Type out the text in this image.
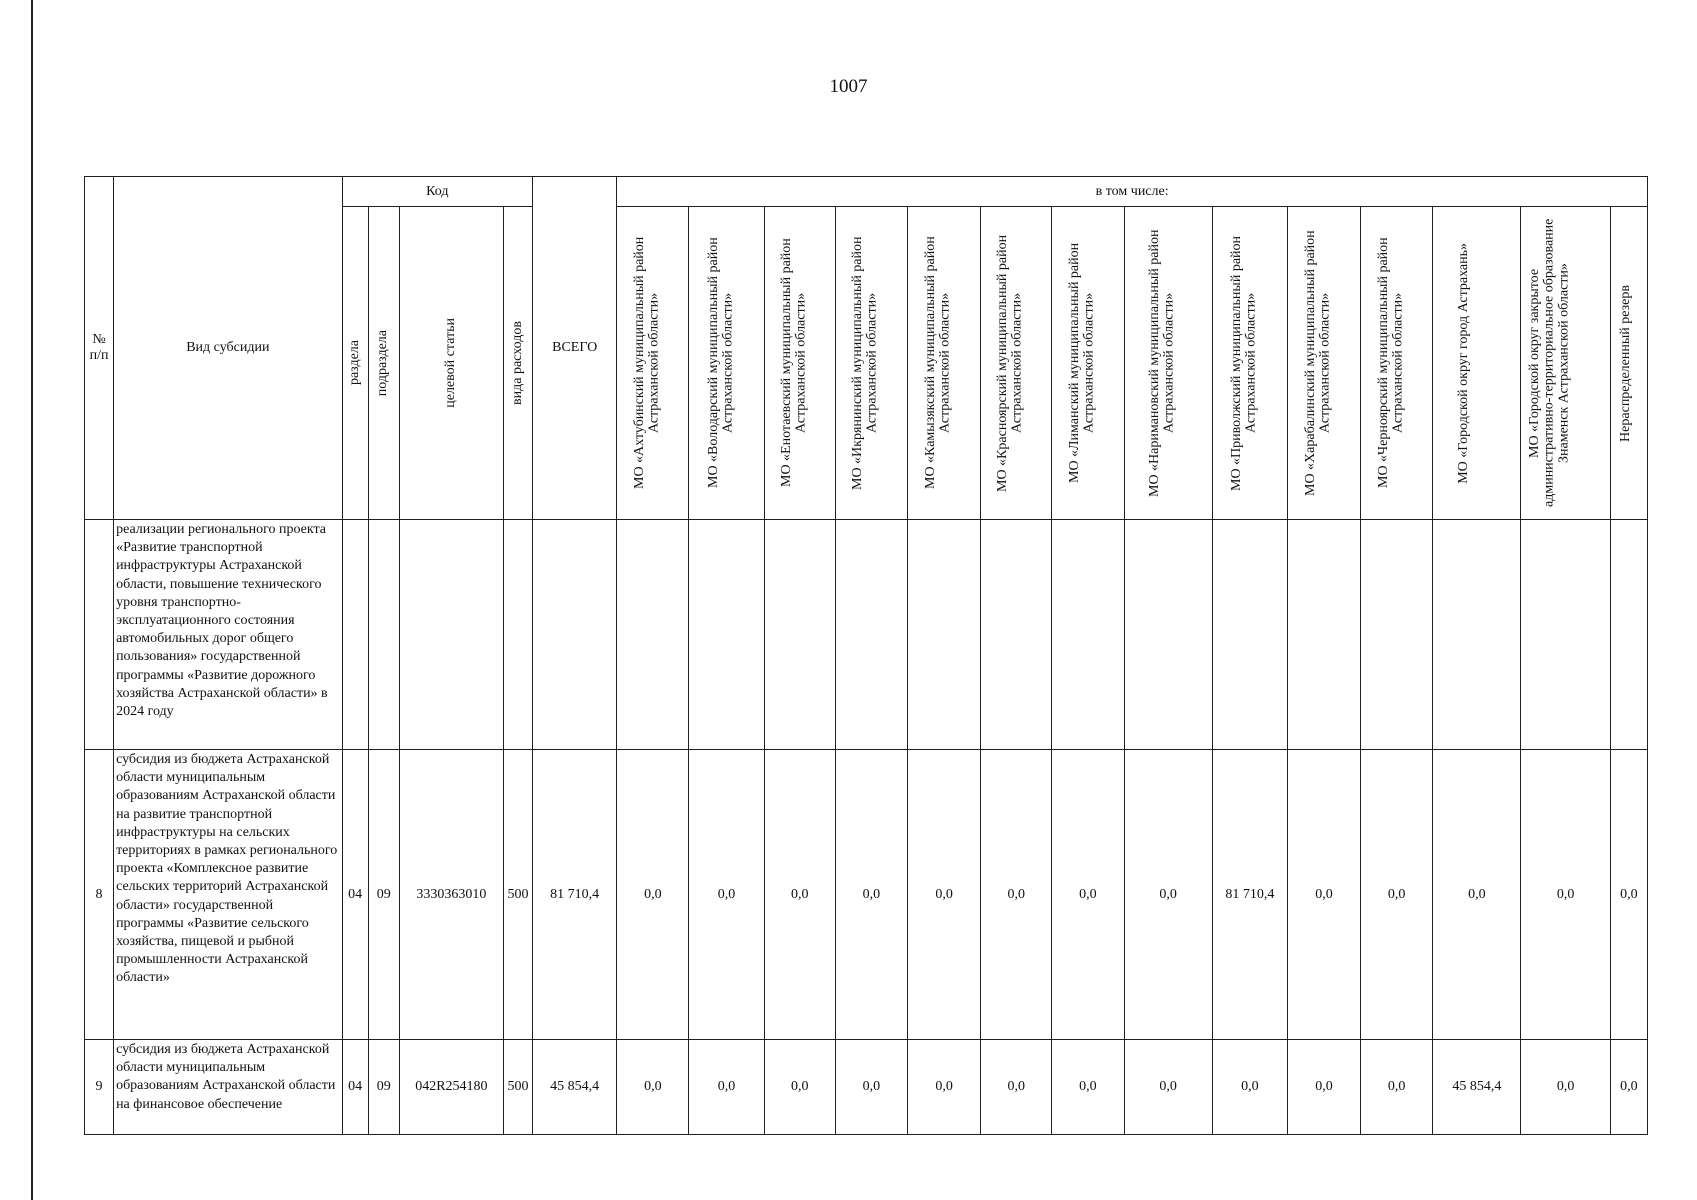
1007
№ п/п	Вид субсидии	Код				ВСЕГО	в том числе:													

		раздела	подраздела	целевой статьи	вида расходов		МО «Ахтубинский муниципальный район Астраханской области»	МО «Володарский муниципальный район Астраханской области»	МО «Енотаевский муниципальный район Астраханской области»	МО «Икрянинский муниципальный район Астраханской области»	МО «Камызякский муниципальный район Астраханской области»	МО «Красноярский муниципальный район Астраханской области»	МО «Лиманский муниципальный район Астраханской области»	МО «Наримановский муниципальный район Астраханской области»	МО «Приволжский муниципальный район Астраханской области»	МО «Харабалинский муниципальный район Астраханской области»	МО «Черноярский муниципальный район Астраханской области»	МО «Городской округ город Астрахань»	МО «Городской округ закрытое административно-территориальное образование Знаменск Астраханской области»	Нераспределенный резерв

	реализации регионального проекта «Развитие транспортной инфраструктуры Астраханской области, повышение технического уровня транспортно-эксплуатационного состояния автомобильных дорог общего пользования» государственной программы «Развитие дорожного хозяйства Астраханской области» в 2024 году																			
8	субсидия из бюджета Астраханской области муниципальным образованиям Астраханской области на развитие транспортной инфраструктуры на сельских территориях в рамках регионального проекта «Комплексное развитие сельских территорий Астраханской области» государственной программы «Развитие сельского хозяйства, пищевой и рыбной промышленности Астраханской области»	04	09	3330363010	500	81 710,4	0,0	0,0	0,0	0,0	0,0	0,0	0,0	0,0	81 710,4	0,0	0,0	0,0	0,0	0,0
9	субсидия из бюджета Астраханской области муниципальным образованиям Астраханской области на финансовое обеспечение	04	09	042R254180	500	45 854,4	0,0	0,0	0,0	0,0	0,0	0,0	0,0	0,0	0,0	0,0	0,0	45 854,4	0,0	0,0
